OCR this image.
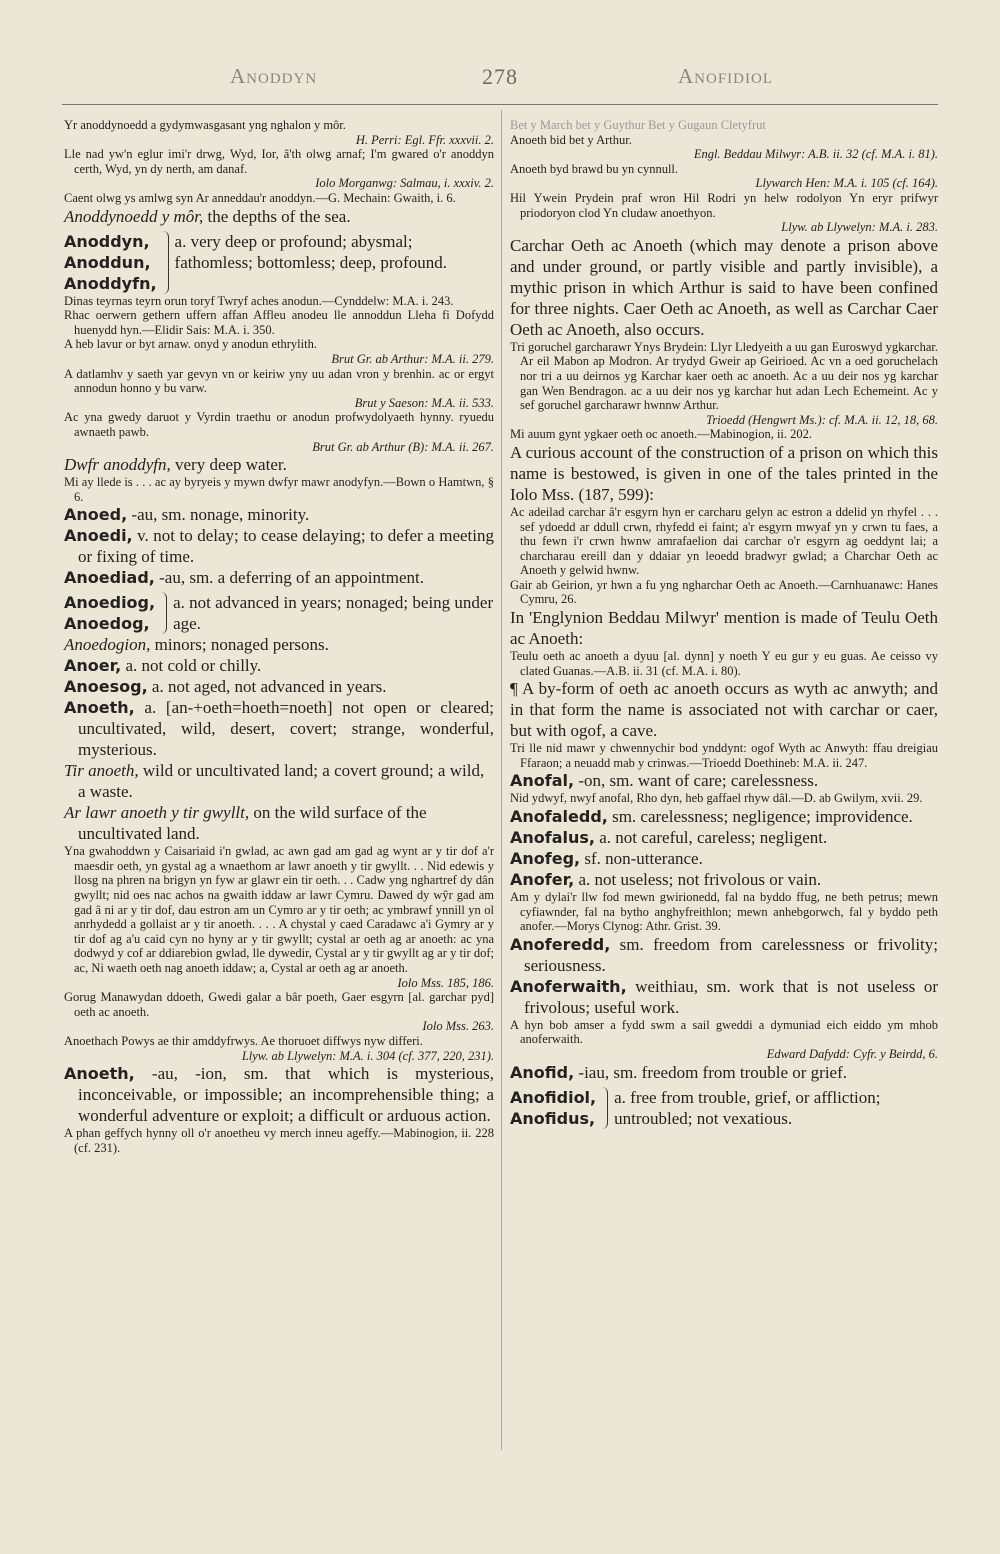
Anoddyn	278	Anofidiol

Yr anoddynoedd a gydymwasgasant yng nghalon y môr.
H. Perri: Egl. Ffr. xxxvii. 2.

Lle nad yw'n eglur imi'r drwg, Wyd, Ior, â'th olwg arnaf; I'm gwared o'r anoddyn certh, Wyd, yn dy nerth, am danaf.
Iolo Morganwg: Salmau, i. xxxiv. 2.

Caent olwg ys amlwg syn Ar anneddau'r anoddyn.—G. Mechain: Gwaith, i. 6.

Anoddynoedd y môr, the depths of the sea.

Anoddyn,
Anoddun,
Anoddyfn,
a. very deep or profound; abysmal; fathomless; bottomless; deep, profound.

Dinas teyrnas teyrn orun toryf Twryf aches anodun.—Cynddelw: M.A. i. 243.

Rhac oerwern gethern uffern affan Affleu anodeu lle annoddun Lleha fi Dofydd huenydd hyn.—Elidir Sais: M.A. i. 350.

A heb lavur or byt arnaw. onyd y anodun ethrylith.
Brut Gr. ab Arthur: M.A. ii. 279.

A datlamhv y saeth yar gevyn vn or keiriw yny uu adan vron y brenhin. ac or ergyt annodun honno y bu varw.
Brut y Saeson: M.A. ii. 533.

Ac yna gwedy daruot y Vyrdin traethu or anodun profwydolyaeth hynny. ryuedu awnaeth pawb.
Brut Gr. ab Arthur (B): M.A. ii. 267.

Dwfr anoddyfn, very deep water.

Mi ay llede is . . . ac ay byryeis y mywn dwfyr mawr anodyfyn.—Bown o Hamtwn, § 6.

Anoed, -au, sm. nonage, minority.

Anoedi, v. not to delay; to cease delaying; to defer a meeting or fixing of time.

Anoediad, -au, sm. a deferring of an appointment.

Anoediog,
Anoedog,
a. not advanced in years; nonaged; being under age.

Anoedogion, minors; nonaged persons.

Anoer, a. not cold or chilly.

Anoesog, a. not aged, not advanced in years.

Anoeth, a. [an-+oeth=hoeth=noeth] not open or cleared; uncultivated, wild, desert, covert; strange, wonderful, mysterious.

Tir anoeth, wild or uncultivated land; a covert ground; a wild, a waste.

Ar lawr anoeth y tir gwyllt, on the wild surface of the uncultivated land.

Yna gwahoddwn y Caisariaid i'n gwlad, ac awn gad am gad ag wynt ar y tir dof a'r maesdir oeth, yn gystal ag a wnaethom ar lawr anoeth y tir gwyllt. . . Nid edewis y llosg na phren na brigyn yn fyw ar glawr ein tir oeth. . . Cadw yng nghartref dy dân gwyllt; nid oes nac achos na gwaith iddaw ar lawr Cymru. Dawed dy wŷr gad am gad â ni ar y tir dof, dau estron am un Cymro ar y tir oeth; ac ymbrawf ynnill yn ol anrhydedd a gollaist ar y tir anoeth. . . . A chystal y caed Caradawc a'i Gymry ar y tir dof ag a'u caid cyn no hyny ar y tir gwyllt; cystal ar oeth ag ar anoeth: ac yna dodwyd y cof ar ddiarebion gwlad, lle dywedir, Cystal ar y tir gwyllt ag ar y tir dof; ac, Ni waeth oeth nag anoeth iddaw; a, Cystal ar oeth ag ar anoeth.
Iolo Mss. 185, 186.

Gorug Manawydan ddoeth, Gwedi galar a bâr poeth, Gaer esgyrn [al. garchar pyd] oeth ac anoeth.
Iolo Mss. 263.

Anoethach Powys ae thir amddyfrwys. Ae thoruoet diffwys nyw differi.
Llyw. ab Llywelyn: M.A. i. 304 (cf. 377, 220, 231).

Anoeth, -au, -ion, sm. that which is mysterious, inconceivable, or impossible; an incomprehensible thing; a wonderful adventure or exploit; a difficult or arduous action.

A phan geffych hynny oll o'r anoetheu vy merch inneu ageffy.—Mabinogion, ii. 228 (cf. 231).

Bet y March bet y Guythur Bet y Gugaun Cletyfrut

Anoeth bid bet y Arthur.
Engl. Beddau Milwyr: A.B. ii. 32 (cf. M.A. i. 81).

Anoeth byd brawd bu yn cynnull.
Llywarch Hen: M.A. i. 105 (cf. 164).

Hil Ywein Prydein praf wron Hil Rodri yn helw rodolyon Yn eryr prifwyr priodoryon clod Yn cludaw anoethyon.
Llyw. ab Llywelyn: M.A. i. 283.

Carchar Oeth ac Anoeth (which may denote a prison above and under ground, or partly visible and partly invisible), a mythic prison in which Arthur is said to have been confined for three nights. Caer Oeth ac Anoeth, as well as Carchar Caer Oeth ac Anoeth, also occurs.

Tri goruchel garcharawr Ynys Brydein: Llyr Lledyeith a uu gan Euroswyd ygkarchar. Ar eil Mabon ap Modron. Ar trydyd Gweir ap Geirioed. Ac vn a oed goruchelach nor tri a uu deirnos yg Karchar kaer oeth ac anoeth. Ac a uu deir nos yg karchar gan Wen Bendragon. ac a uu deir nos yg karchar hut adan Lech Echemeint. Ac y sef goruchel garcharawr hwnnw Arthur.
Trioedd (Hengwrt Ms.): cf. M.A. ii. 12, 18, 68.

Mi auum gynt ygkaer oeth oc anoeth.—Mabinogion, ii. 202.

A curious account of the construction of a prison on which this name is bestowed, is given in one of the tales printed in the Iolo Mss. (187, 599):

Ac adeilad carchar â'r esgyrn hyn er carcharu gelyn ac estron a ddelid yn rhyfel . . . sef ydoedd ar ddull crwn, rhyfedd ei faint; a'r esgyrn mwyaf yn y crwn tu faes, a thu fewn i'r crwn hwnw amrafaelion dai carchar o'r esgyrn ag oeddynt lai; a charcharau ereill dan y ddaiar yn leoedd bradwyr gwlad; a Charchar Oeth ac Anoeth y gelwid hwnw.

Gair ab Geirion, yr hwn a fu yng ngharchar Oeth ac Anoeth.—Carnhuanawc: Hanes Cymru, 26.

In 'Englynion Beddau Milwyr' mention is made of Teulu Oeth ac Anoeth:

Teulu oeth ac anoeth a dyuu [al. dynn] y noeth Y eu gur y eu guas. Ae ceisso vy clated Guanas.—A.B. ii. 31 (cf. M.A. i. 80).

¶ A by-form of oeth ac anoeth occurs as wyth ac anwyth; and in that form the name is associated not with carchar or caer, but with ogof, a cave.

Tri lle nid mawr y chwennychir bod ynddynt: ogof Wyth ac Anwyth: ffau dreigiau Ffaraon; a neuadd mab y crinwas.—Trioedd Doethineb: M.A. ii. 247.

Anofal, -on, sm. want of care; carelessness.

Nid ydwyf, nwyf anofal, Rho dyn, heb gaffael rhyw dâl.—D. ab Gwilym, xvii. 29.

Anofaledd, sm. carelessness; negligence; improvidence.

Anofalus, a. not careful, careless; negligent.

Anofeg, sf. non-utterance.

Anofer, a. not useless; not frivolous or vain.

Am y dylai'r llw fod mewn gwirionedd, fal na byddo ffug, ne beth petrus; mewn cyfiawnder, fal na bytho anghyfreithlon; mewn anhebgorwch, fal y byddo peth anofer.—Morys Clynog: Athr. Grist. 39.

Anoferedd, sm. freedom from carelessness or frivolity; seriousness.

Anoferwaith, weithiau, sm. work that is not useless or frivolous; useful work.

A hyn bob amser a fydd swm a sail gweddi a dymuniad eich eiddo ym mhob anoferwaith.
Edward Dafydd: Cyfr. y Beirdd, 6.

Anofid, -iau, sm. freedom from trouble or grief.

Anofidiol,
Anofidus,
a. free from trouble, grief, or affliction; untroubled; not vexatious.
